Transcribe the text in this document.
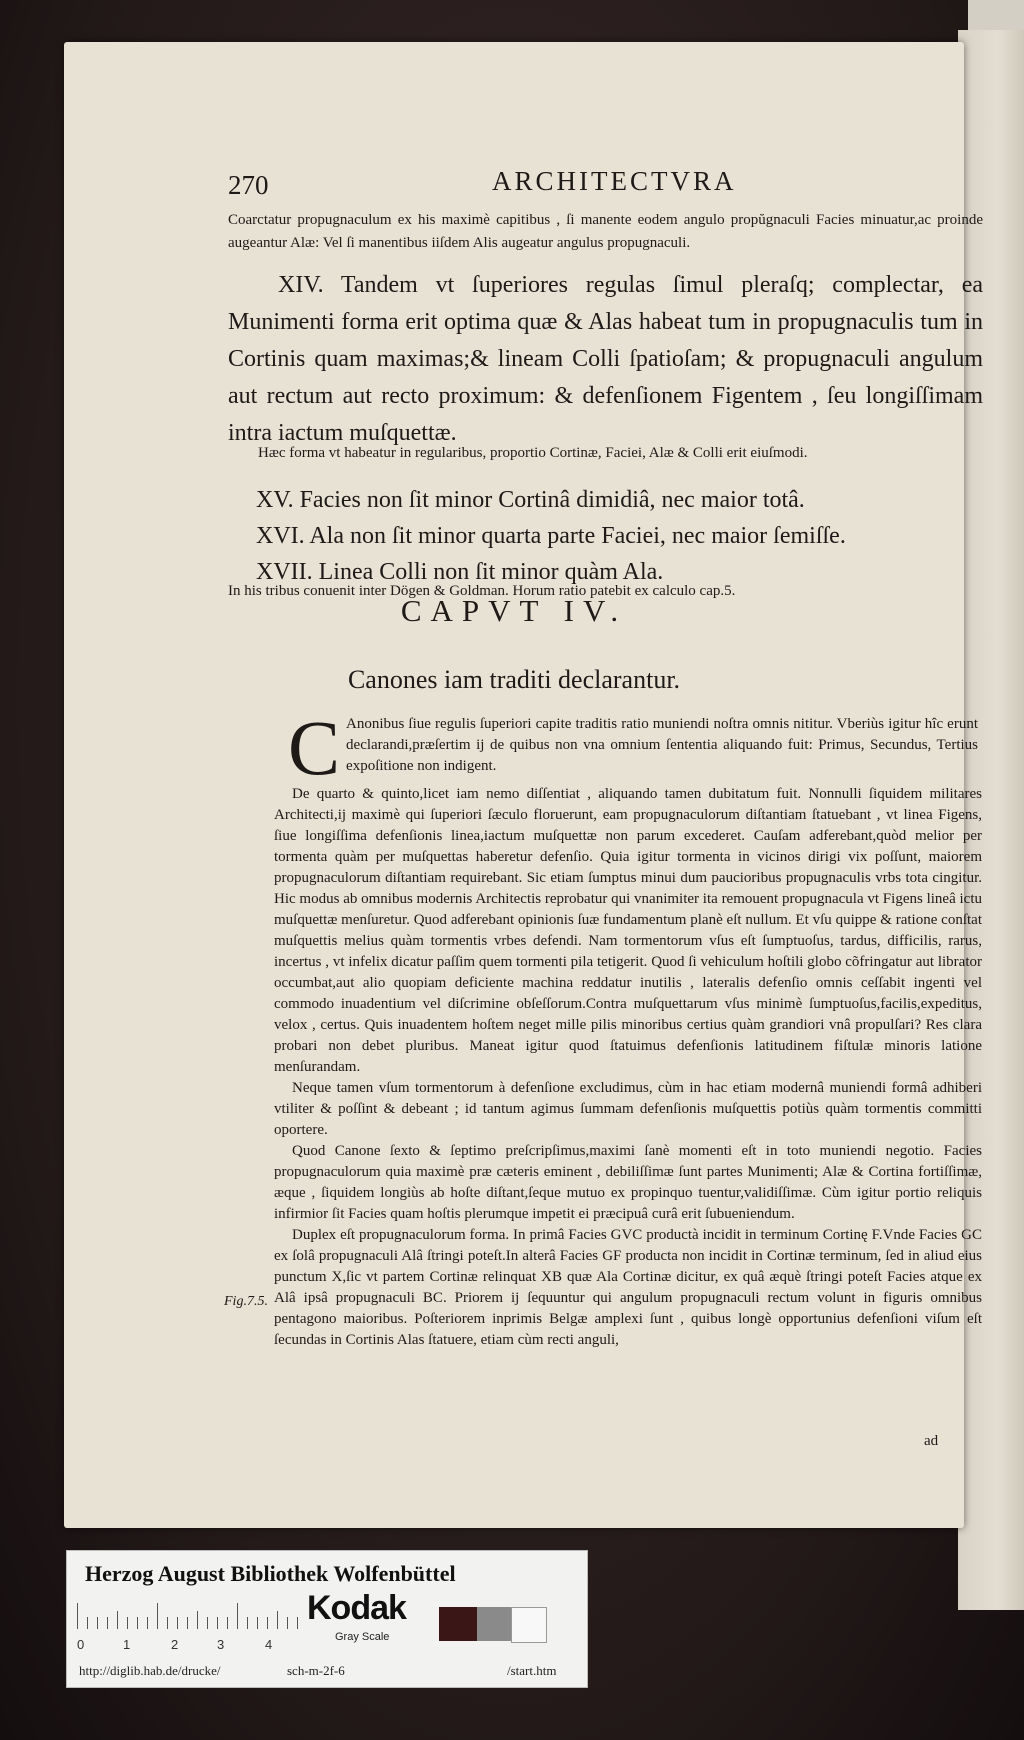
270	ARCHITECTVRA
Coarctatur propugnaculum ex his maximè capitibus , ſi manente eodem angulo propŭgnaculi Facies minuatur,ac proinde augeantur Alæ: Vel ſi manentibus iiſdem Alis augeatur angulus propugnaculi.
XIV. Tandem vt ſuperiores regulas ſimul pleraſq; complectar, ea Munimenti forma erit optima quæ & Alas habeat tum in propugnaculis tum in Cortinis quam maximas;& lineam Colli ſpatioſam; & propugnaculi angulum aut rectum aut recto proximum: & defenſionem Figentem , ſeu longiſſimam intra iactum muſquettæ.
Hæc forma vt habeatur in regularibus, proportio Cortinæ, Faciei, Alæ & Colli erit eiuſmodi.
XV. Facies non ſit minor Cortinâ dimidiâ, nec maior totâ.
XVI. Ala non ſit minor quarta parte Faciei, nec maior ſemiſſe.
XVII. Linea Colli non ſit minor quàm Ala.
In his tribus conuenit inter Dögen & Goldman. Horum ratio patebit ex calculo cap.5.
CAPVT IV.
Canones iam traditi declarantur.
C Anonibus ſiue regulis ſuperiori capite traditis ratio muniendi noſtra omnis nititur. Vberiùs igitur hîc erunt declarandi,præſertim ij de quibus non vna omnium ſententia aliquando fuit: Primus, Secundus, Tertius expoſitione non indigent.

De quarto & quinto,licet iam nemo diſſentiat , aliquando tamen dubitatum fuit. Nonnulli ſiquidem militares Architecti,ij maximè qui ſuperiori ſæculo floruerunt, eam propugnaculorum diſtantiam ſtatuebant , vt linea Figens, ſiue longiſſima defenſionis linea,iactum muſquettæ non parum excederet. Cauſam adferebant,quòd melior per tormenta quàm per muſquettas haberetur defenſio. Quia igitur tormenta in vicinos dirigi vix poſſunt, maiorem propugnaculorum diſtantiam requirebant. Sic etiam ſumptus minui dum paucioribus propugnaculis vrbs tota cingitur. Hic modus ab omnibus modernis Architectis reprobatur qui vnanimiter ita remouent propugnacula vt Figens lineâ ictu muſquettæ menſuretur. Quod adferebant opinionis ſuæ fundamentum planè eſt nullum. Et vſu quippe & ratione conſtat muſquettis melius quàm tormentis vrbes defendi. Nam tormentorum vſus eſt ſumptuoſus, tardus, difficilis, rarus, incertus , vt infelix dicatur paſſim quem tormenti pila tetigerit. Quod ſi vehiculum hoſtili globo cõfringatur aut librator occumbat,aut alio quopiam deficiente machina reddatur inutilis , lateralis defenſio omnis ceſſabit ingenti vel commodo inuadentium vel diſcrimine obſeſſorum.Contra muſquettarum vſus minimè ſumptuoſus,facilis,expeditus, velox , certus. Quis inuadentem hoſtem neget mille pilis minoribus certius quàm grandiori vnâ propulſari? Res clara probari non debet pluribus. Maneat igitur quod ſtatuimus defenſionis latitudinem fiſtulæ minoris latione menſurandam.

Neque tamen vſum tormentorum à defenſione excludimus, cùm in hac etiam modernâ muniendi formâ adhiberi vtiliter & poſſint & debeant ; id tantum agimus ſummam defenſionis muſquettis potiùs quàm tormentis committi oportere.

Quod Canone ſexto & ſeptimo preſcripſimus,maximi ſanè momenti eſt in toto muniendi negotio. Facies propugnaculorum quia maximè præ cæteris eminent , debiliſſimæ ſunt partes Munimenti; Alæ & Cortina fortiſſimæ, æque , ſiquidem longiùs ab hoſte diſtant,ſeque mutuo ex propinquo tuentur,validiſſimæ. Cùm igitur portio reliquis infirmior ſit Facies quam hoſtis plerumque impetit ei præcipuâ curâ erit ſubueniendum.

Duplex eſt propugnaculorum forma. In primâ Facies GVC productà incidit in terminum Cortinę F.Vnde Facies GC ex ſolâ propugnaculi Alâ ſtringi poteſt.In alterâ Facies GF producta non incidit in Cortinæ terminum, ſed in aliud eius punctum X,ſic vt partem Cortinæ relinquat XB quæ Ala Cortinæ dicitur, ex quâ æquè ſtringi poteſt Facies atque ex Alâ ipsâ propugnaculi BC. Priorem ij ſequuntur qui angulum propugnaculi rectum volunt in figuris omnibus pentagono maioribus. Poſteriorem inprimis Belgæ amplexi ſunt , quibus longè opportunius defenſioni viſum eſt ſecundas in Cortinis Alas ſtatuere, etiam cùm recti anguli,

Fig.7.5.
ad
Herzog August Bibliothek Wolfenbüttel
0	1	2	3	4
Kodak
Gray Scale
http://diglib.hab.de/drucke/	sch-m-2f-6	/start.htm
